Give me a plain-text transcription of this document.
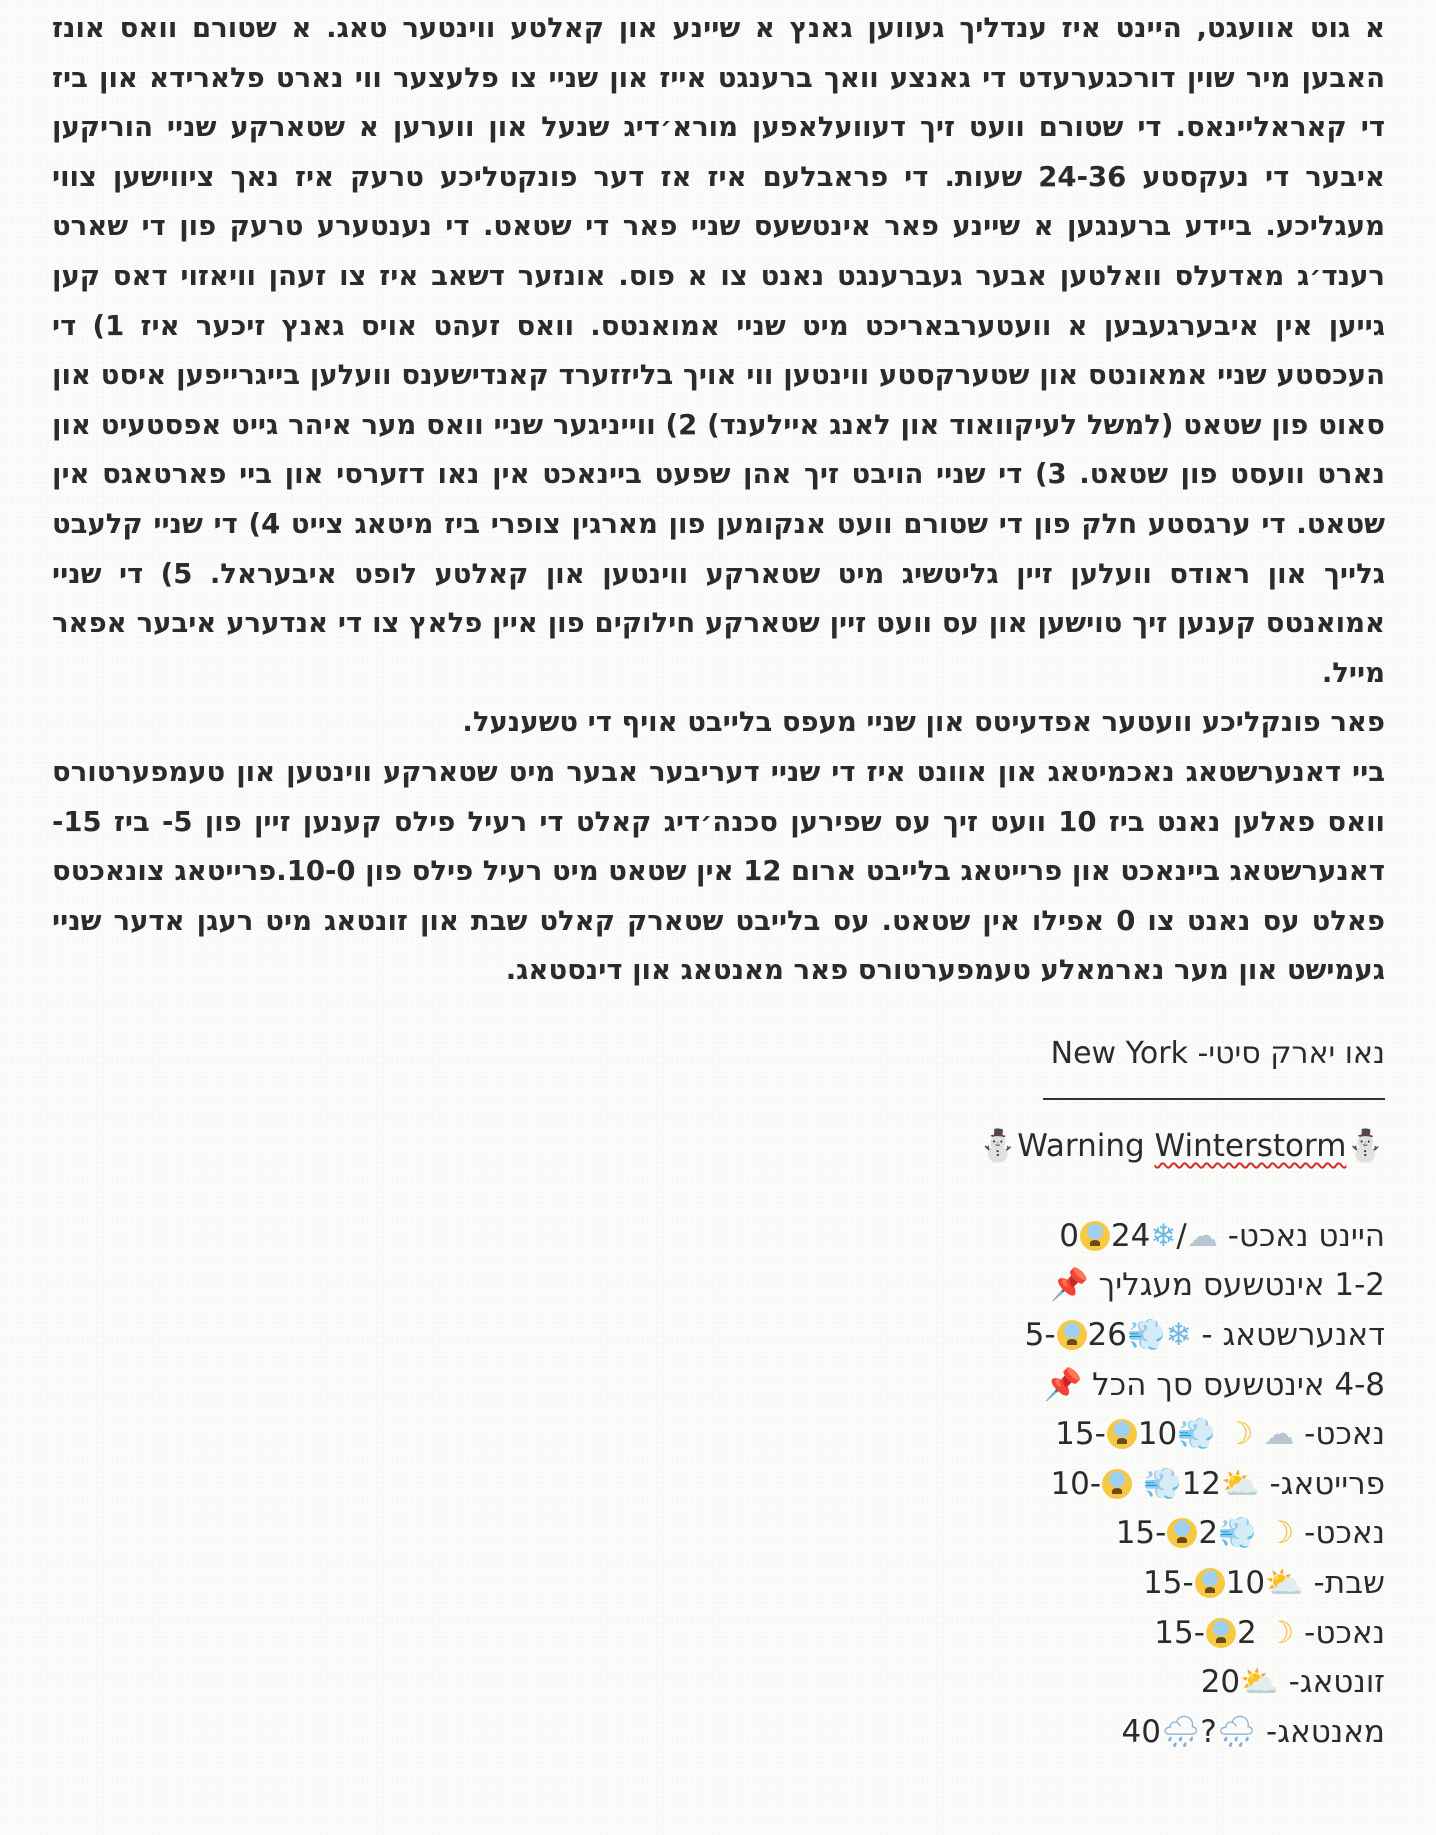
א גוט אוועגט, היינט איז ענדליך געווען גאנץ א שיינע און קאלטע ווינטער טאג. א שטורם וואס אונז האבען מיר שוין דורכגערעדט די גאנצע וואך ברענגט אייז און שניי צו פלעצער ווי נארט פלארידא און ביז די קאראליינאס. די שטורם וועט זיך דעוועלאפען מורא׳דיג שנעל און ווערען א שטארקע שניי הוריקען איבער די נעקסטע 24-36 שעות. די פראבלעם איז אז דער פונקטליכע טרעק איז נאך ציווישען צווי מעגליכע. ביידע ברענגען א שיינע פאר אינטשעס שניי פאר די שטאט. די נענטערע טרעק פון די שארט רענד׳ג מאדעלס וואלטען אבער געברענגט נאנט צו א פוס. אונזער דשאב איז צו זעהן וויאזוי דאס קען גייען אין איבערגעבען א וועטערבאריכט מיט שניי אמואנטס. וואס זעהט אויס גאנץ זיכער איז 1) די העכסטע שניי אמאונטס און שטערקסטע ווינטען ווי אויך בליזזערד קאנדישענס וועלען בייגרייפען איסט און סאוט פון שטאט (למשל לעיקוואוד און לאנג איילענד) 2) ווייניגער שניי וואס מער איהר גייט אפסטעיט און נארט וועסט פון שטאט. 3) די שניי הויבט זיך אהן שפעט ביינאכט אין נאו דזערסי און ביי פארטאגס אין שטאט. די ערגסטע חלק פון די שטורם וועט אנקומען פון מארגין צופרי ביז מיטאג צייט 4) די שניי קלעבט גלייך און ראודס וועלען זיין גליטשיג מיט שטארקע ווינטען און קאלטע לופט איבעראל. 5) די שניי אמואנטס קענען זיך טוישען און עס וועט זיין שטארקע חילוקים פון איין פלאץ צו די אנדערע איבער אפאר מייל.

פאר פונקליכע וועטער אפדעיטס און שניי מעפס בלייבט אויף די טשענעל.

ביי דאנערשטאג נאכמיטאג און אוונט איז די שניי דעריבער אבער מיט שטארקע ווינטען און טעמפערטורס וואס פאלען נאנט ביז 10 וועט זיך עס שפירען סכנה׳דיג קאלט די רעיל פילס קענען זיין פון 5- ביז 15- דאנערשטאג ביינאכט און פרייטאג בלייבט ארום 12 אין שטאט מיט רעיל פילס פון 10-0.פרייטאג צונאכטס פאלט עס נאנט צו 0 אפילו אין שטאט. עס בלייבט שטארק קאלט שבת און זונטאג מיט רעגן אדער שניי געמישט און מער נארמאלע טעמפערטורס פאר מאנטאג און דינסטאג.

נאו יארק סיטי- New York
⛄Winterstorm Warning⛄
היינט נאכט- ☁/❄240
1-2 אינטשעס מעגליך 📌
דאנערשטאג - ❄💨26-5
4-8 אינטשעס סך הכל 📌
נאכט- ☁ ☽ 💨10-15
פרייטאג- ⛅12💨 -10
נאכט- ☽ 💨2-15
שבת- ⛅10-15
נאכט- ☽ 2-15
זונטאג- ⛅20
מאנטאג- 🌧?🌧40
